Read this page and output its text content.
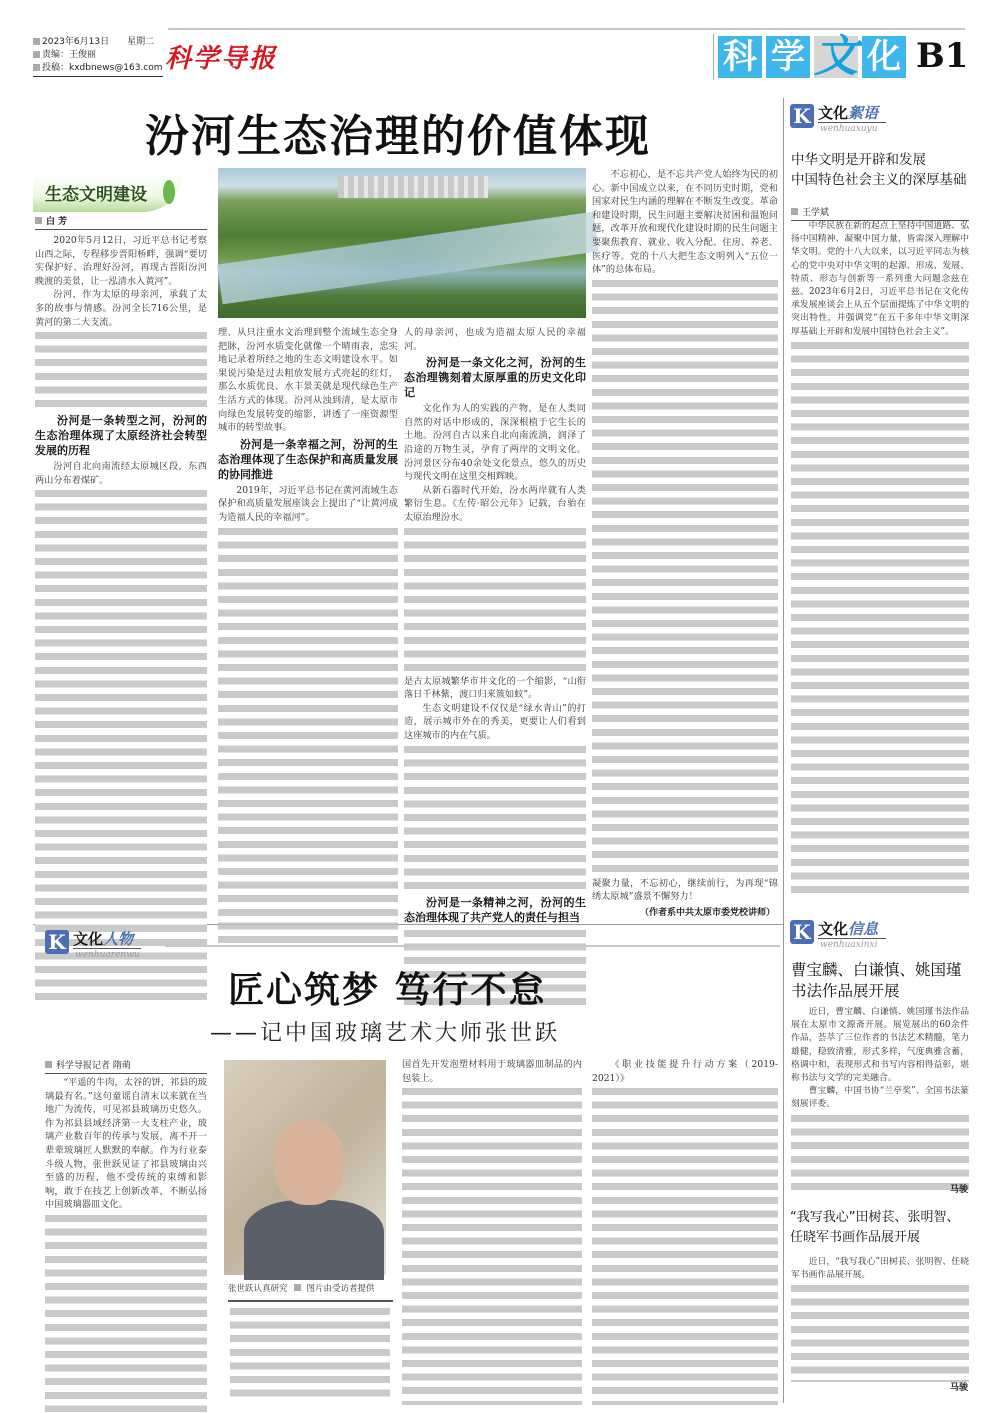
2023年6月13日　　星期二
责编：王俊丽
投稿：kxdbnews@163.com 科学导报	科 学 文 化 B1
汾河生态治理的价值体现
生态文明建设
白 芳

2020年5月12日，习近平总书记考察山西之际，专程移步晋阳桥畔，强调“要切实保护好、治理好汾河，再现古晋阳汾河晚渡的美景，让一泓清水入黄河”。

汾河，作为太原的母亲河，承载了太多的故事与情感。汾河全长716公里，是黄河的第二大支流。

汾河是一条转型之河，汾河的生态治理体现了太原经济社会转型发展的历程

汾河自北向南流经太原城区段，东西两山分布着煤矿。

理、从只注重水文治理到整个流域生态全身把脉，汾河水质变化就像一个晴雨表，忠实地记录着所经之地的生态文明建设水平。如果说污染是过去粗放发展方式亮起的红灯，那么水质优良、水丰景美就是现代绿色生产生活方式的体现。汾河从浊到清，是太原市向绿色发展转变的缩影，讲透了一座资源型城市的转型故事。

汾河是一条幸福之河，汾河的生态治理体现了生态保护和高质量发展的协同推进

2019年，习近平总书记在黄河流域生态保护和高质量发展座谈会上提出了“让黄河成为造福人民的幸福河”。

人的母亲河，也成为造福太原人民的幸福河。

汾河是一条文化之河，汾河的生态治理镌刻着太原厚重的历史文化印记

文化作为人的实践的产物，是在人类同自然的对话中形成的，深深根植于它生长的土地。汾河自古以来自北向南流淌，润泽了沿途的万物生灵，孕育了两岸的文明文化。汾河景区分布40余处文化景点，悠久的历史与现代文明在这里交相辉映。

从新石器时代开始，汾水两岸就有人类繁衍生息。《左传·昭公元年》记载，台骀在太原治理汾水。

是古太原城繁华市井文化的一个缩影，“山衔落日千林紫，渡口归来簇如蚁”。

生态文明建设不仅仅是“绿水青山”的打造，展示城市外在的秀美，更要让人们看到这座城市的内在气质。

汾河是一条精神之河，汾河的生态治理体现了共产党人的责任与担当

不忘初心，是不忘共产党人始终为民的初心。新中国成立以来，在不同历史时期，党和国家对民生内涵的理解在不断发生改变。革命和建设时期，民生问题主要解决贫困和温饱问题，改革开放和现代化建设时期的民生问题主要聚焦教育、就业、收入分配、住房、养老、医疗等。党的十八大把生态文明列入“五位一体”的总体布局。

凝聚力量，不忘初心，继续前行，为再现“锦绣太原城”盛景不懈努力！

（作者系中共太原市委党校讲师）
K 文化絮语
wenhuaxuyu
中华文明是开辟和发展
中国特色社会主义的深厚基础
王学斌

中华民族在新的起点上坚持中国道路、弘扬中国精神、凝聚中国力量，皆需深入理解中华文明。党的十八大以来，以习近平同志为核心的党中央对中华文明的起源、形成、发展、特质、形态与创新等一系列重大问题念兹在兹。2023年6月2日，习近平总书记在文化传承发展座谈会上从五个层面提炼了中华文明的突出特性，并强调党“在五千多年中华文明深厚基础上开辟和发展中国特色社会主义”。

K 文化人物
wenhuarenwu
匠心筑梦 笃行不怠
——记中国玻璃艺术大师张世跃
科学导报记者 隋萌

“平遥的牛肉，太谷的饼，祁县的玻璃最有名。”这句童谣自清末以来就在当地广为流传，可见祁县玻璃历史悠久。作为祁县县域经济第一大支柱产业，玻璃产业数百年的传承与发展，离不开一辈辈玻璃匠人默默的奉献。作为行业泰斗级人物，张世跃见证了祁县玻璃由兴至盛的历程，他不受传统的束缚和影响，敢于在技艺上创新改革，不断弘扬中国玻璃器皿文化。

张世跃认真研究 图片由受访者提供

国首先开发泡塑材料用于玻璃器皿制品的内包装上。

《职业技能提升行动方案（2019-2021）》

K 文化信息
wenhuaxinxi
曹宝麟、白谦慎、姚国瑾
书法作品展开展

近日，曹宝麟、白谦慎、姚国瑾书法作品展在太原市文源斋开展。展览展出的60余件作品，荟萃了三位作者的书法艺术精髓，笔力雄健，稳致清雅，形式多样，气度典雅含蓄，格调中和，表现形式和书写内容相得益彰，堪称书法与文学的完美融合。

曹宝麟，中国书协“兰亭奖”、全国书法篆刻展评委。

马骏
“我写我心”田树苌、张明智、
任晓军书画作品展开展

近日，“我写我心”田树苌、张明智、任晓军书画作品展开展。

马骏
